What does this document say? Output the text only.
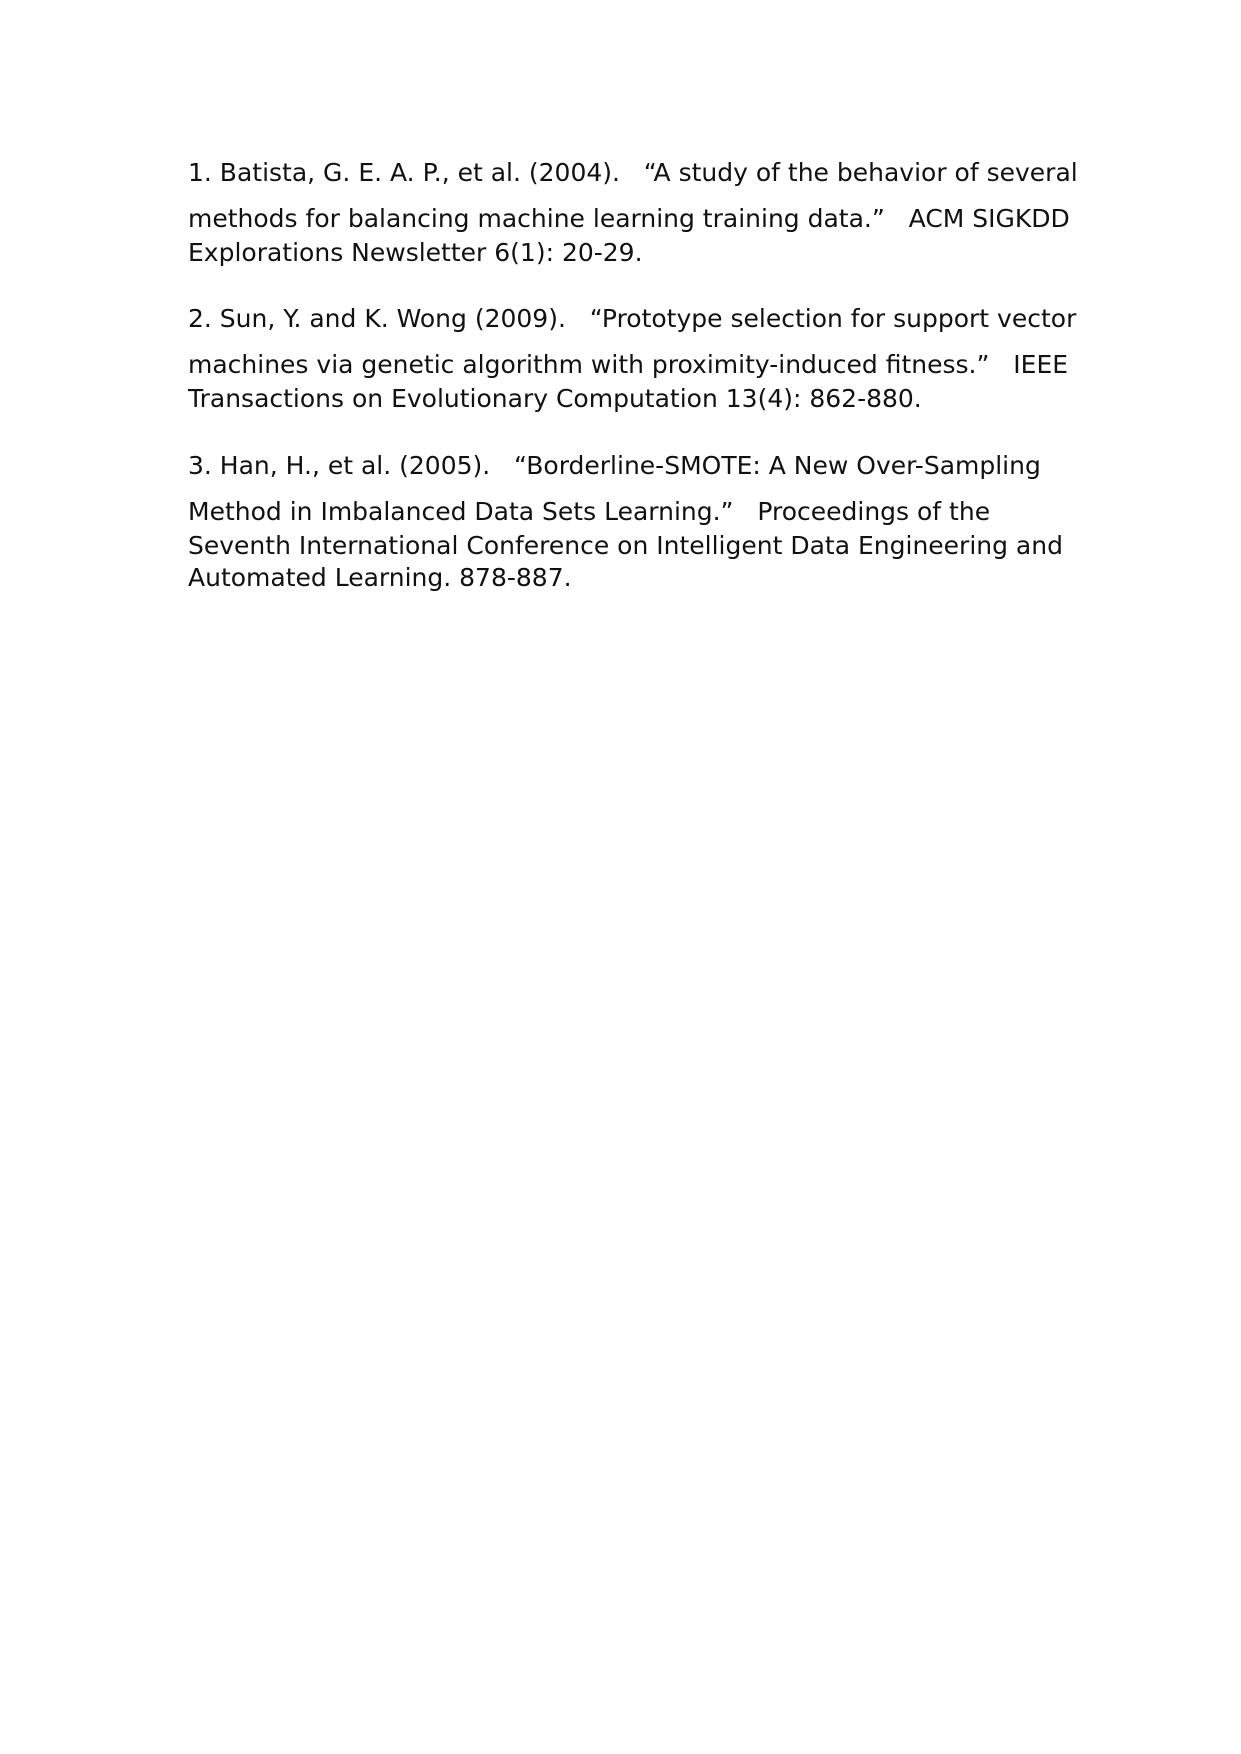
1. Batista, G. E. A. P., et al. (2004).   “A study of the behavior of several
methods for balancing machine learning training data.”   ACM SIGKDD
Explorations Newsletter 6(1): 20-29.
2. Sun, Y. and K. Wong (2009).   “Prototype selection for support vector
machines via genetic algorithm with proximity-induced fitness.”   IEEE
Transactions on Evolutionary Computation 13(4): 862-880.
3. Han, H., et al. (2005).   “Borderline-SMOTE: A New Over-Sampling
Method in Imbalanced Data Sets Learning.”   Proceedings of the
Seventh International Conference on Intelligent Data Engineering and
Automated Learning. 878-887.
